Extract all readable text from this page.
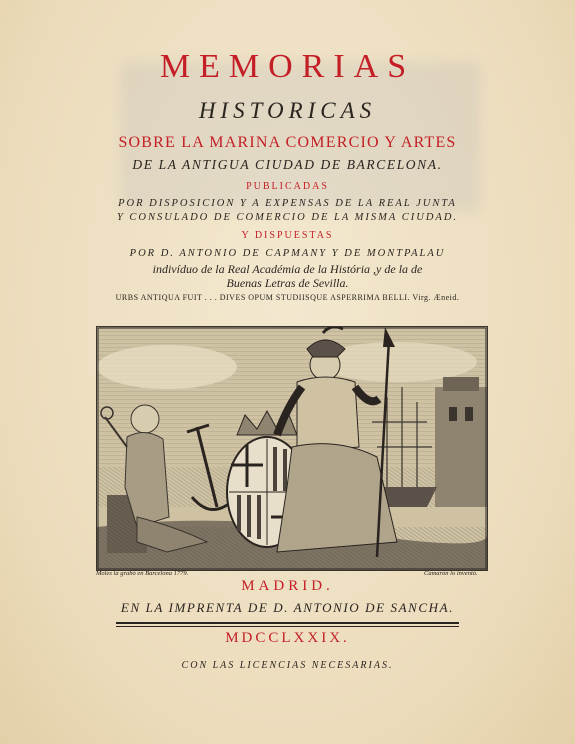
MEMORIAS
HISTORICAS
SOBRE LA MARINA COMERCIO Y ARTES
DE LA ANTIGUA CIUDAD DE BARCELONA.
PUBLICADAS
POR DISPOSICION Y A EXPENSAS DE LA REAL JUNTA
Y CONSULADO DE COMERCIO DE LA MISMA CIUDAD.
Y DISPUESTAS
POR D. ANTONIO DE CAPMANY Y DE MONTPALAU
indivíduo de la Real Académia de la História ,y de la de
Buenas Letras de Sevilla.
URBS ANTIQUA FUIT . . . DIVES OPUM STUDIISQUE ASPERRIMA BELLI. Virg. Æneid.
Moles la grabó en Barcelona 1779.	Camarón lo inventó.
MADRID.
EN LA IMPRENTA DE D. ANTONIO DE SANCHA.
MDCCLXXIX.
CON LAS LICENCIAS NECESARIAS.
